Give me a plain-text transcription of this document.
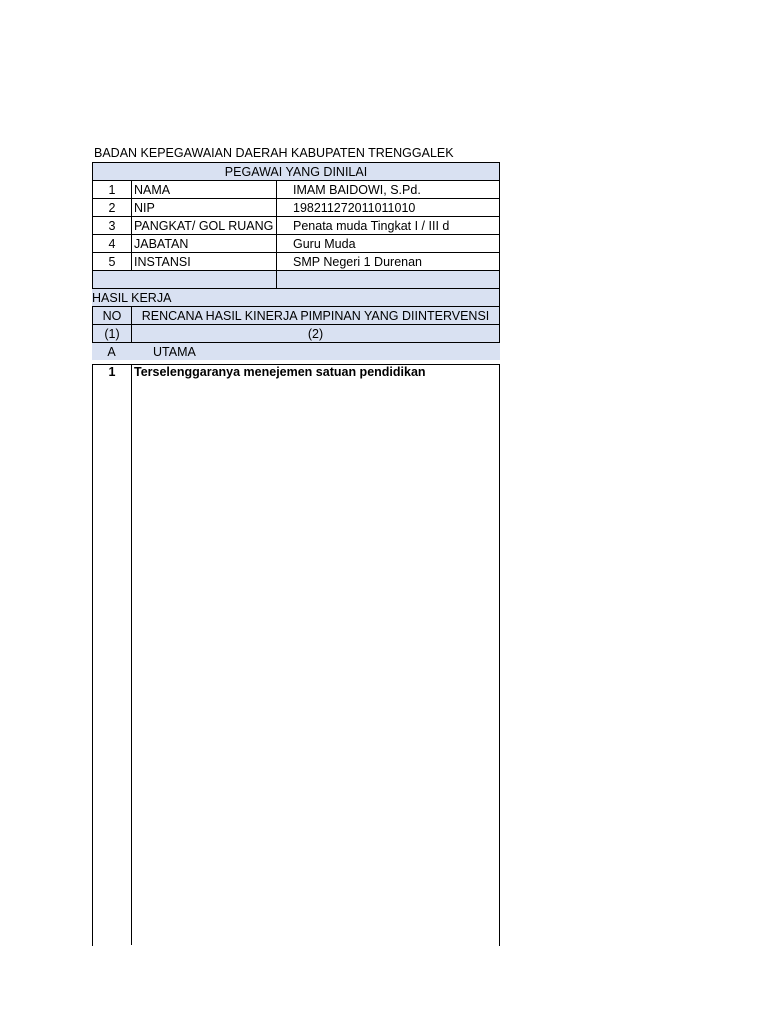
BADAN KEPEGAWAIAN DAERAH KABUPATEN TRENGGALEK
PEGAWAI YANG DINILAI
1	NAMA	IMAM BAIDOWI, S.Pd.
2	NIP	198211272011011010
3	PANGKAT/ GOL RUANG	Penata muda Tingkat I / III d
4	JABATAN	Guru Muda
5	INSTANSI	SMP Negeri 1 Durenan
HASIL KERJA
NO	RENCANA HASIL KINERJA PIMPINAN YANG DIINTERVENSI
(1)	(2)
A	UTAMA
1	Terselenggaranya menejemen satuan pendidikan
